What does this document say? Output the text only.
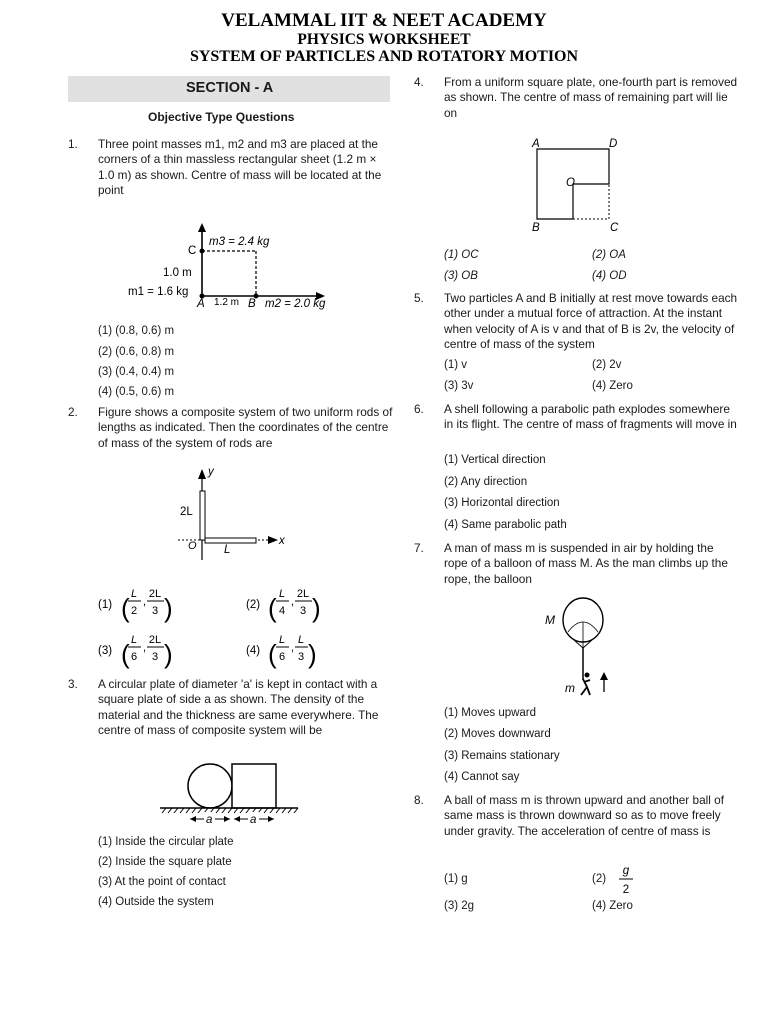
VELAMMAL IIT & NEET ACADEMY
PHYSICS WORKSHEET
SYSTEM OF PARTICLES AND ROTATORY MOTION
SECTION - A
Objective Type Questions
1. Three point masses m1, m2 and m3 are placed at the corners of a thin massless rectangular sheet (1.2 m × 1.0 m) as shown. Centre of mass will be located at the point
m3 = 2.4 kg
C
1.0 m
m1 = 1.6 kg
A 1.2 m B m2 = 2.0 kg
(1) (0.8, 0.6) m
(2) (0.6, 0.8) m
(3) (0.4, 0.4) m
(4) (0.5, 0.6) m
2. Figure shows a composite system of two uniform rods of lengths as indicated. Then the coordinates of the centre of mass of the system of rods are
y
x
2L
L
O
(1) ( L
2
,
2L
3 )	(2) ( L
4
,
2L
3 )
(3) ( L
6
,
2L
3 )	(4) ( L
6
,
L
3 )
3. A circular plate of diameter 'a' is kept in contact with a square plate of side a as shown. The density of the material and the thickness are same everywhere. The centre of mass of composite system will be
a	a
(1) Inside the circular plate
(2) Inside the square plate
(3) At the point of contact
(4) Outside the system
4. From a uniform square plate, one-fourth part is removed as shown. The centre of mass of remaining part will lie on
A	D
O
B	C
(1) OC	(2) OA
(3) OB	(4) OD
5. Two particles A and B initially at rest move towards each other under a mutual force of attraction. At the instant when velocity of A is v and that of B is 2v, the velocity of centre of mass of the system
(1) v	(2) 2v
(3) 3v	(4) Zero
6. A shell following a parabolic path explodes somewhere in its flight. The centre of mass of fragments will move in
(1) Vertical direction
(2) Any direction
(3) Horizontal direction
(4) Same parabolic path
7. A man of mass m is suspended in air by holding the rope of a balloon of mass M. As the man climbs up the rope, the balloon
M
m
(1) Moves upward
(2) Moves downward
(3) Remains stationary
(4) Cannot say
8. A ball of mass m is thrown upward and another ball of same mass is thrown downward so as to move freely under gravity. The acceleration of centre of mass is
(1) g	(2)
g
2
(3) 2g	(4) Zero
